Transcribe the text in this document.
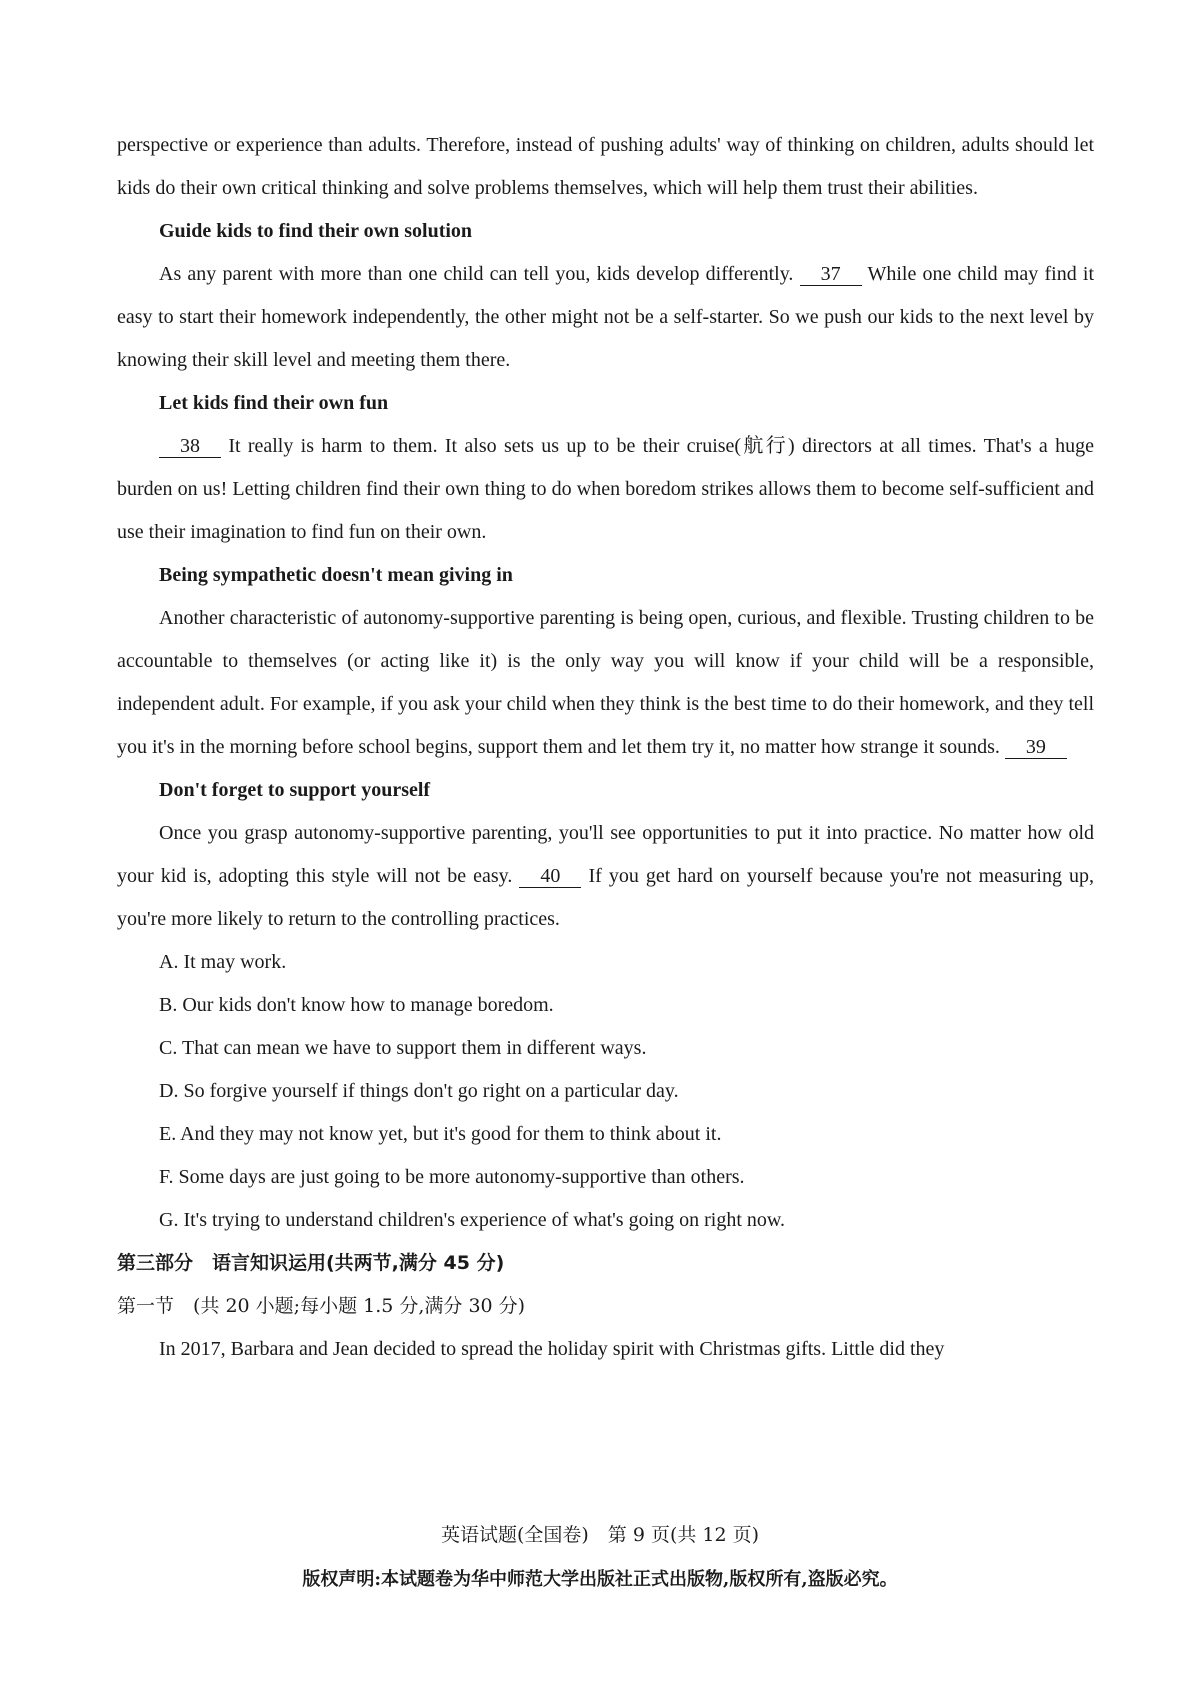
perspective or experience than adults. Therefore, instead of pushing adults' way of thinking on children, adults should let kids do their own critical thinking and solve problems themselves, which will help them trust their abilities.

Guide kids to find their own solution

As any parent with more than one child can tell you, kids develop differently. 37 While one child may find it easy to start their homework independently, the other might not be a self-starter. So we push our kids to the next level by knowing their skill level and meeting them there.

Let kids find their own fun

38 It really is harm to them. It also sets us up to be their cruise(航行) directors at all times. That's a huge burden on us! Letting children find their own thing to do when boredom strikes allows them to become self-sufficient and use their imagination to find fun on their own.

Being sympathetic doesn't mean giving in

Another characteristic of autonomy-supportive parenting is being open, curious, and flexible. Trusting children to be accountable to themselves (or acting like it) is the only way you will know if your child will be a responsible, independent adult. For example, if you ask your child when they think is the best time to do their homework, and they tell you it's in the morning before school begins, support them and let them try it, no matter how strange it sounds. 39

Don't forget to support yourself

Once you grasp autonomy-supportive parenting, you'll see opportunities to put it into practice. No matter how old your kid is, adopting this style will not be easy. 40 If you get hard on yourself because you're not measuring up, you're more likely to return to the controlling practices.

A. It may work.

B. Our kids don't know how to manage boredom.

C. That can mean we have to support them in different ways.

D. So forgive yourself if things don't go right on a particular day.

E. And they may not know yet, but it's good for them to think about it.

F. Some days are just going to be more autonomy-supportive than others.

G. It's trying to understand children's experience of what's going on right now.

第三部分　语言知识运用(共两节,满分 45 分)

第一节　(共 20 小题;每小题 1.5 分,满分 30 分)

In 2017, Barbara and Jean decided to spread the holiday spirit with Christmas gifts. Little did they

英语试题(全国卷)　第 9 页(共 12 页)
版权声明:本试题卷为华中师范大学出版社正式出版物,版权所有,盗版必究。
